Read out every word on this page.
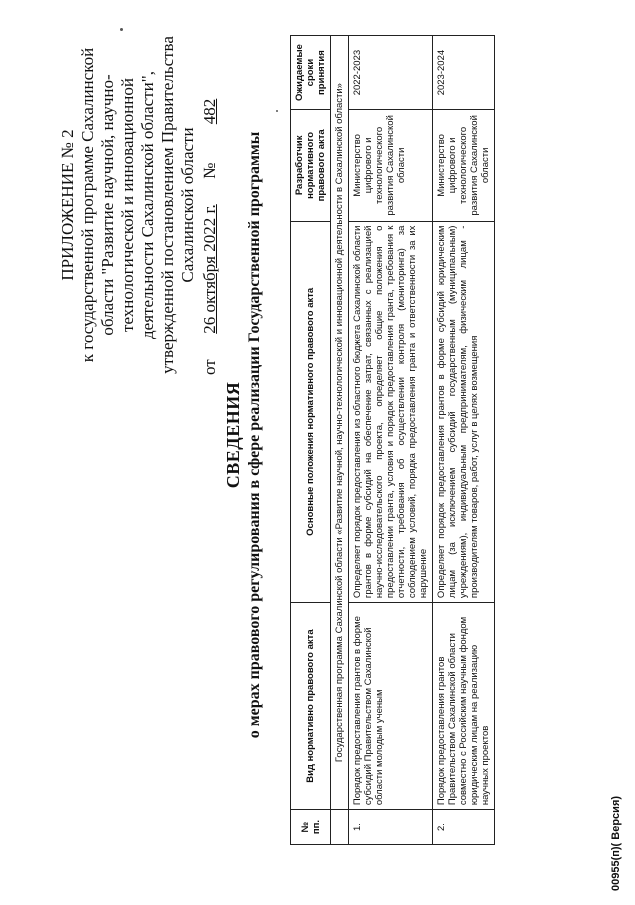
ПРИЛОЖЕНИЕ № 2 к государственной программе Сахалинской области "Развитие научной, научно- технологической и инновационной деятельности Сахалинской области", утвержденной постановлением Правительства Сахалинской области
от      26 октября 2022 г.      №         482
СВЕДЕНИЯ о мерах правового регулирования в сфере реализации Государственной программы
№ пп.	Вид нормативно правового акта	Основные положения нормативного правового акта	Разработчик нормативного правового акта	Ожидаемые сроки принятия
	Государственная программа Сахалинской области «Развитие научной, научно-технологической и инновационной деятельности в Сахалинской области»			
1.	Порядок предоставления грантов в форме субсидий Правительством Сахалинской области молодым ученым	Определяет порядок предоставления из областного бюджета Сахалинской области грантов в форме субсидий на обеспечение затрат, связанных с реализацией научно-исследовательского проекта, определяет общие положения о предоставлении гранта, условия и порядок предоставления гранта, требования к отчетности, требования об осуществлении контроля (мониторинга) за соблюдением условий, порядка предоставления гранта и ответственности за их нарушение	Министерство цифрового и технологического развития Сахалинской области	2022-2023
2.	Порядок предоставления грантов Правительством Сахалинской области совместно с Российским научным фондом юридическим лицам на реализацию научных проектов	Определяет порядок предоставления грантов в форме субсидий юридическим лицам (за исключением субсидий государственным (муниципальным) учреждениям), индивидуальным предпринимателям, физическим лицам - производителям товаров, работ, услуг в целях возмещения	Министерство цифрового и технологического развития Сахалинской области	2023-2024
00955(п)( Версия)
